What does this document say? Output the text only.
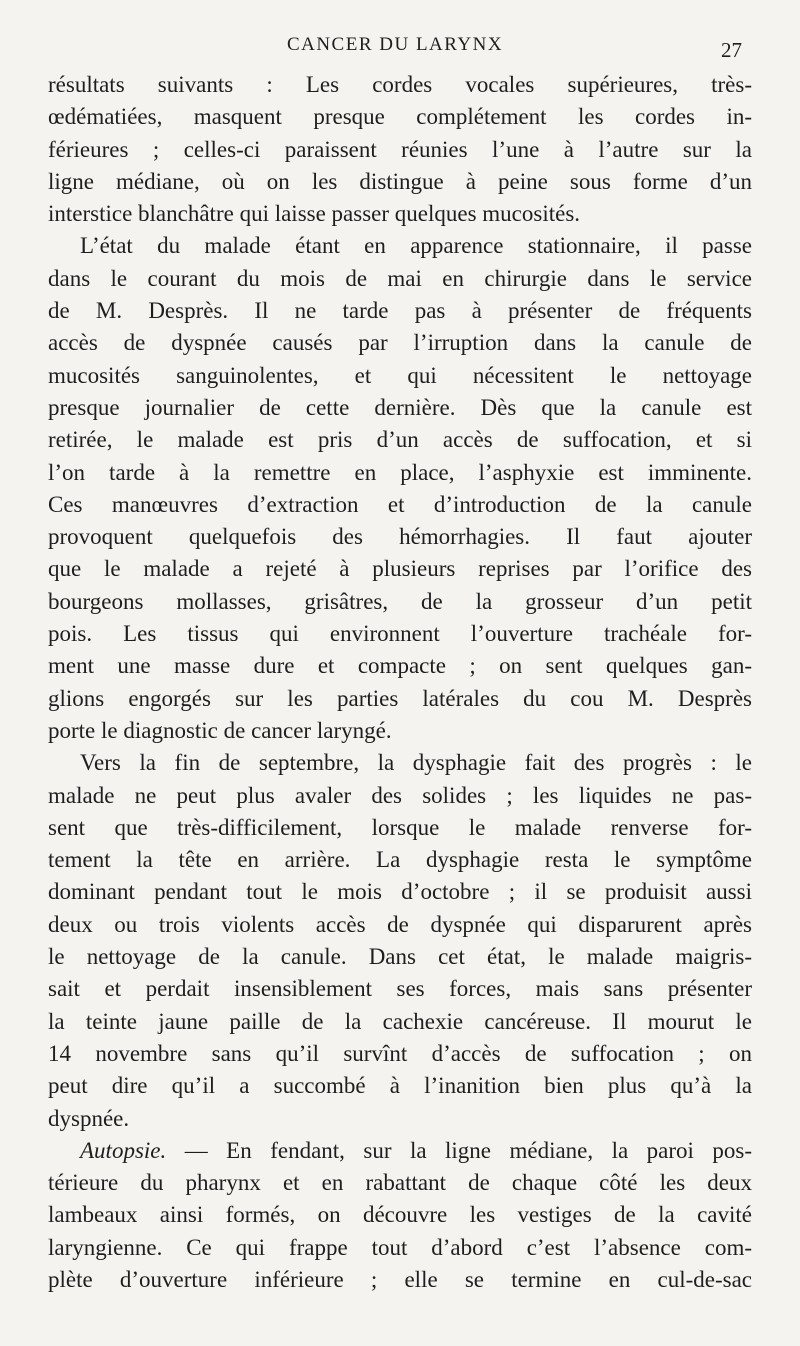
CANCER DU LARYNX	27
résultats suivants : Les cordes vocales supérieures, très-
œdématiées, masquent presque complétement les cordes in-
férieures ; celles-ci paraissent réunies l’une à l’autre sur la
ligne médiane, où on les distingue à peine sous forme d’un
interstice blanchâtre qui laisse passer quelques mucosités.
L’état du malade étant en apparence stationnaire, il passe
dans le courant du mois de mai en chirurgie dans le service
de M. Desprès. Il ne tarde pas à présenter de fréquents
accès de dyspnée causés par l’irruption dans la canule de
mucosités sanguinolentes, et qui nécessitent le nettoyage
presque journalier de cette dernière. Dès que la canule est
retirée, le malade est pris d’un accès de suffocation, et si
l’on tarde à la remettre en place, l’asphyxie est imminente.
Ces manœuvres d’extraction et d’introduction de la canule
provoquent quelquefois des hémorrhagies. Il faut ajouter
que le malade a rejeté à plusieurs reprises par l’orifice des
bourgeons mollasses, grisâtres, de la grosseur d’un petit
pois. Les tissus qui environnent l’ouverture trachéale for-
ment une masse dure et compacte ; on sent quelques gan-
glions engorgés sur les parties latérales du cou M. Desprès
porte le diagnostic de cancer laryngé.
Vers la fin de septembre, la dysphagie fait des progrès : le
malade ne peut plus avaler des solides ; les liquides ne pas-
sent que très-difficilement, lorsque le malade renverse for-
tement la tête en arrière. La dysphagie resta le symptôme
dominant pendant tout le mois d’octobre ; il se produisit aussi
deux ou trois violents accès de dyspnée qui disparurent après
le nettoyage de la canule. Dans cet état, le malade maigris-
sait et perdait insensiblement ses forces, mais sans présenter
la teinte jaune paille de la cachexie cancéreuse. Il mourut le
14 novembre sans qu’il survînt d’accès de suffocation ; on
peut dire qu’il a succombé à l’inanition bien plus qu’à la
dyspnée.
Autopsie. — En fendant, sur la ligne médiane, la paroi pos-
térieure du pharynx et en rabattant de chaque côté les deux
lambeaux ainsi formés, on découvre les vestiges de la cavité
laryngienne. Ce qui frappe tout d’abord c’est l’absence com-
plète d’ouverture inférieure ; elle se termine en cul-de-sac
